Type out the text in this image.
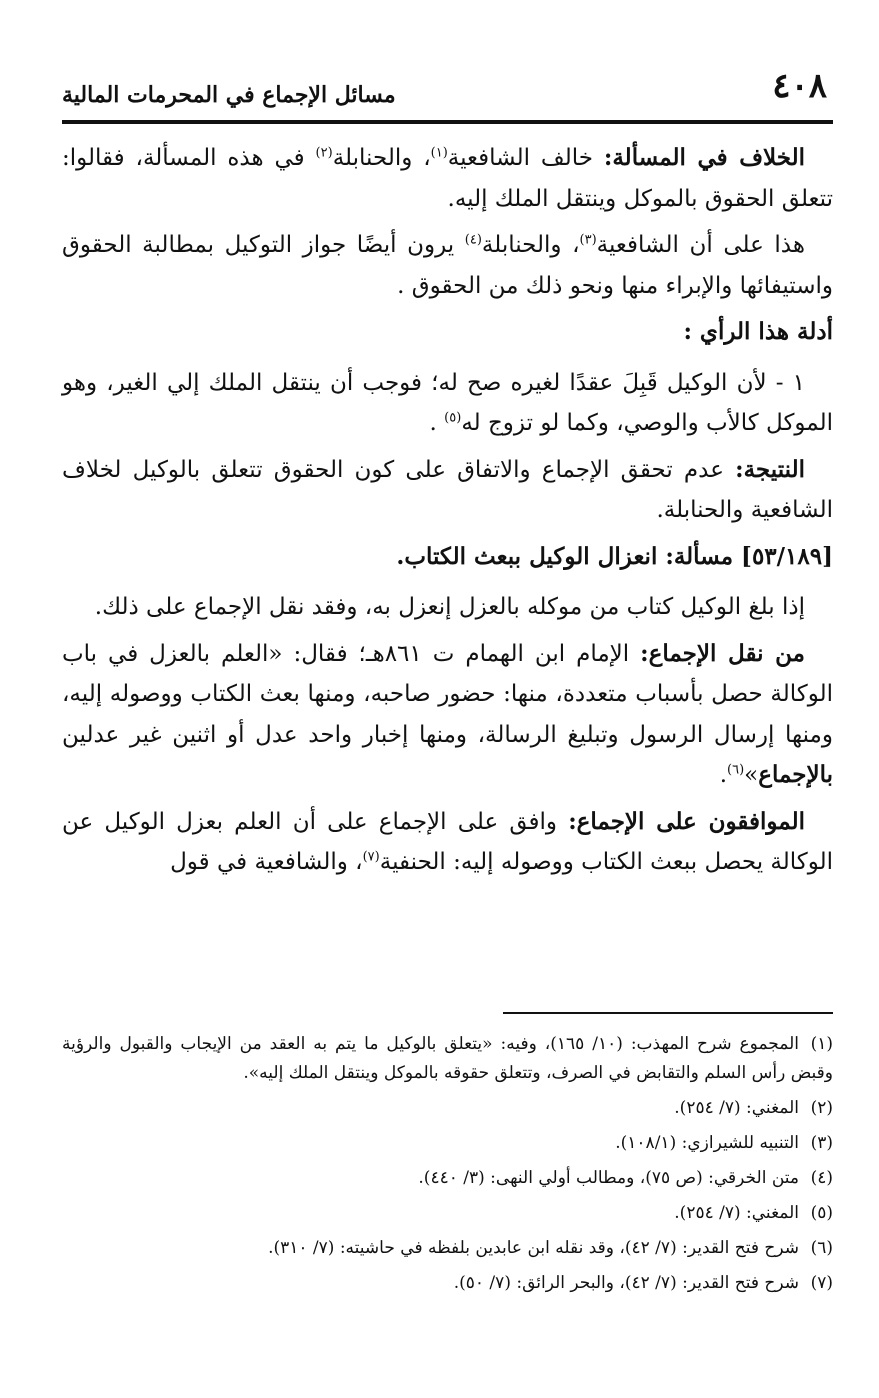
٤٠٨
مسائل الإجماع في المحرمات المالية

الخلاف في المسألة: خالف الشافعية$^{(١)}$، والحنابلة$^{(٢)}$ في هذه المسألة، فقالوا: تتعلق الحقوق بالموكل وينتقل الملك إليه.

هذا على أن الشافعية$^{(٣)}$، والحنابلة$^{(٤)}$ يرون أيضًا جواز التوكيل بمطالبة الحقوق واستيفائها والإبراء منها ونحو ذلك من الحقوق .

أدلة هذا الرأي :

١ - لأن الوكيل قَبِلَ عقدًا لغيره صح له؛ فوجب أن ينتقل الملك إلي الغير، وهو الموكل كالأب والوصي، وكما لو تزوج له$^{(٥)}$ .

النتيجة: عدم تحقق الإجماع والاتفاق على كون الحقوق تتعلق بالوكيل لخلاف الشافعية والحنابلة.

[٥٣/١٨٩] مسألة: انعزال الوكيل ببعث الكتاب.

إذا بلغ الوكيل كتاب من موكله بالعزل إنعزل به، وفقد نقل الإجماع على ذلك.

من نقل الإجماع: الإمام ابن الهمام ت ٨٦١هـ؛ فقال: «العلم بالعزل في باب الوكالة حصل بأسباب متعددة، منها: حضور صاحبه، ومنها بعث الكتاب ووصوله إليه، ومنها إرسال الرسول وتبليغ الرسالة، ومنها إخبار واحد عدل أو اثنين غير عدلين بالإجماع»$^{(٦)}$.

الموافقون على الإجماع: وافق على الإجماع على أن العلم بعزل الوكيل عن الوكالة يحصل ببعث الكتاب ووصوله إليه: الحنفية$^{(٧)}$، والشافعية في قول

(١)المجموع شرح المهذب: (١٠/ ١٦٥)، وفيه: «يتعلق بالوكيل ما يتم به العقد من الإيجاب والقبول والرؤية وقبض رأس السلم والتقابض في الصرف، وتتعلق حقوقه بالموكل وينتقل الملك إليه».

(٢)المغني: (٧/ ٢٥٤).

(٣)التنبيه للشيرازي: (١٠٨/١).

(٤)متن الخرقي: (ص ٧٥)، ومطالب أولي النهى: (٣/ ٤٤٠).

(٥)المغني: (٧/ ٢٥٤).

(٦)شرح فتح القدير: (٧/ ٤٢)، وقد نقله ابن عابدين بلفظه في حاشيته: (٧/ ٣١٠).

(٧)شرح فتح القدير: (٧/ ٤٢)، والبحر الرائق: (٧/ ٥٠).
